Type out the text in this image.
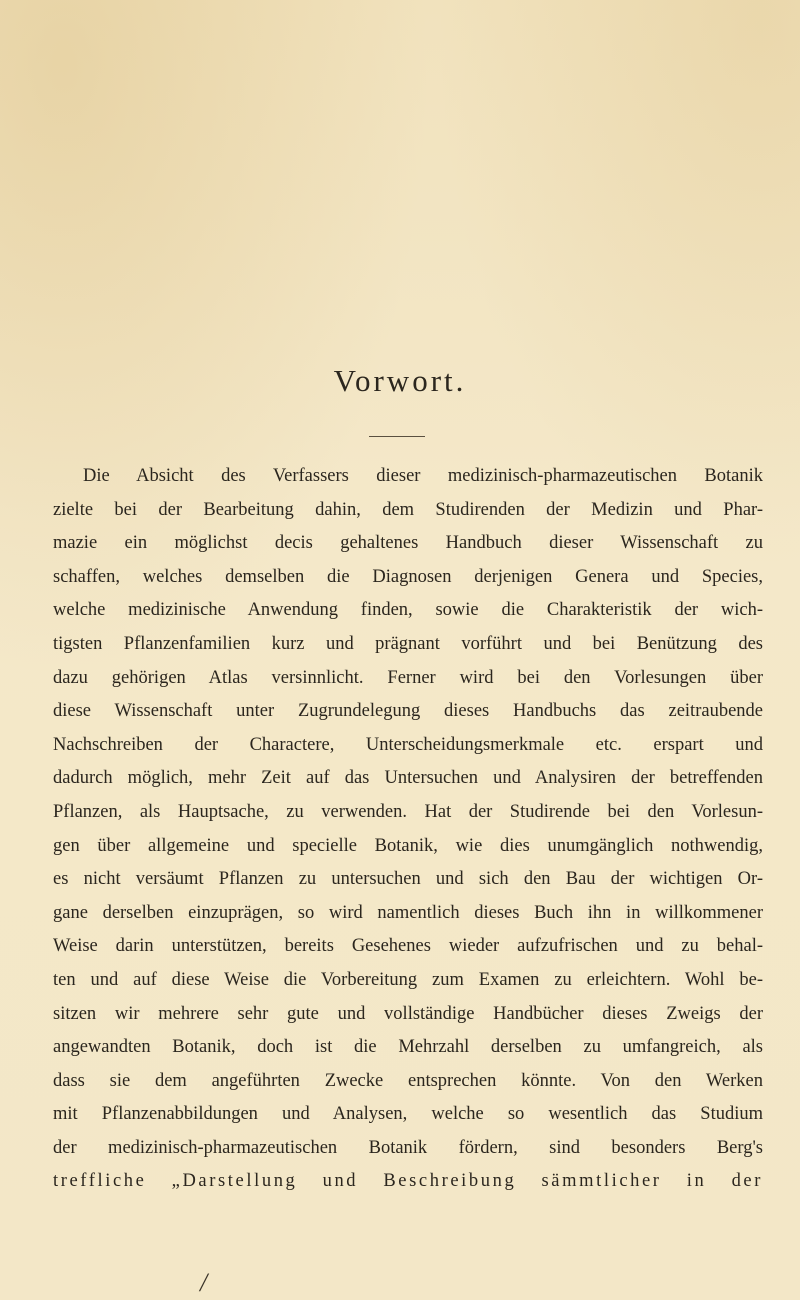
Vorwort.
Die Absicht des Verfassers dieser medizinisch-pharmazeutischen Botanik
zielte bei der Bearbeitung dahin, dem Studirenden der Medizin und Phar-
mazie ein möglichst decis gehaltenes Handbuch dieser Wissenschaft zu
schaffen, welches demselben die Diagnosen derjenigen Genera und Species,
welche medizinische Anwendung finden, sowie die Charakteristik der wich-
tigsten Pflanzenfamilien kurz und prägnant vorführt und bei Benützung des
dazu gehörigen Atlas versinnlicht. Ferner wird bei den Vorlesungen über
diese Wissenschaft unter Zugrundelegung dieses Handbuchs das zeitraubende
Nachschreiben der Charactere, Unterscheidungsmerkmale etc. erspart und
dadurch möglich, mehr Zeit auf das Untersuchen und Analysiren der betreffenden
Pflanzen, als Hauptsache, zu verwenden. Hat der Studirende bei den Vorlesun-
gen über allgemeine und specielle Botanik, wie dies unumgänglich nothwendig,
es nicht versäumt Pflanzen zu untersuchen und sich den Bau der wichtigen Or-
gane derselben einzuprägen, so wird namentlich dieses Buch ihn in willkommener
Weise darin unterstützen, bereits Gesehenes wieder aufzufrischen und zu behal-
ten und auf diese Weise die Vorbereitung zum Examen zu erleichtern. Wohl be-
sitzen wir mehrere sehr gute und vollständige Handbücher dieses Zweigs der
angewandten Botanik, doch ist die Mehrzahl derselben zu umfangreich, als
dass sie dem angeführten Zwecke entsprechen könnte. Von den Werken
mit Pflanzenabbildungen und Analysen, welche so wesentlich das Studium
der medizinisch-pharmazeutischen Botanik fördern, sind besonders Berg's
treffliche „Darstellung und Beschreibung sämmtlicher in der
/
